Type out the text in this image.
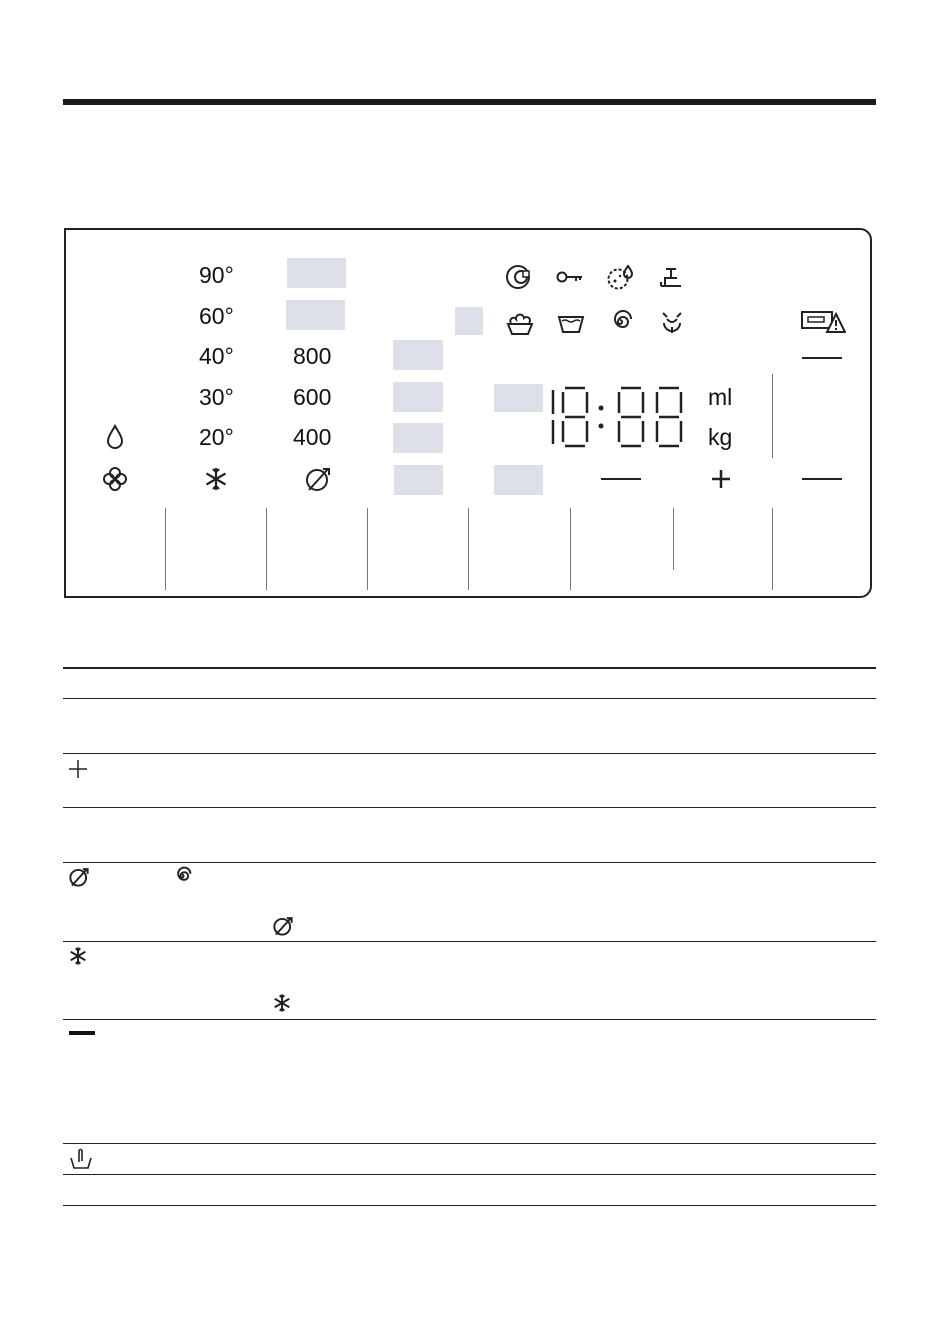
90°
60°
40°
30°
20°
800
600
400
ml
kg
